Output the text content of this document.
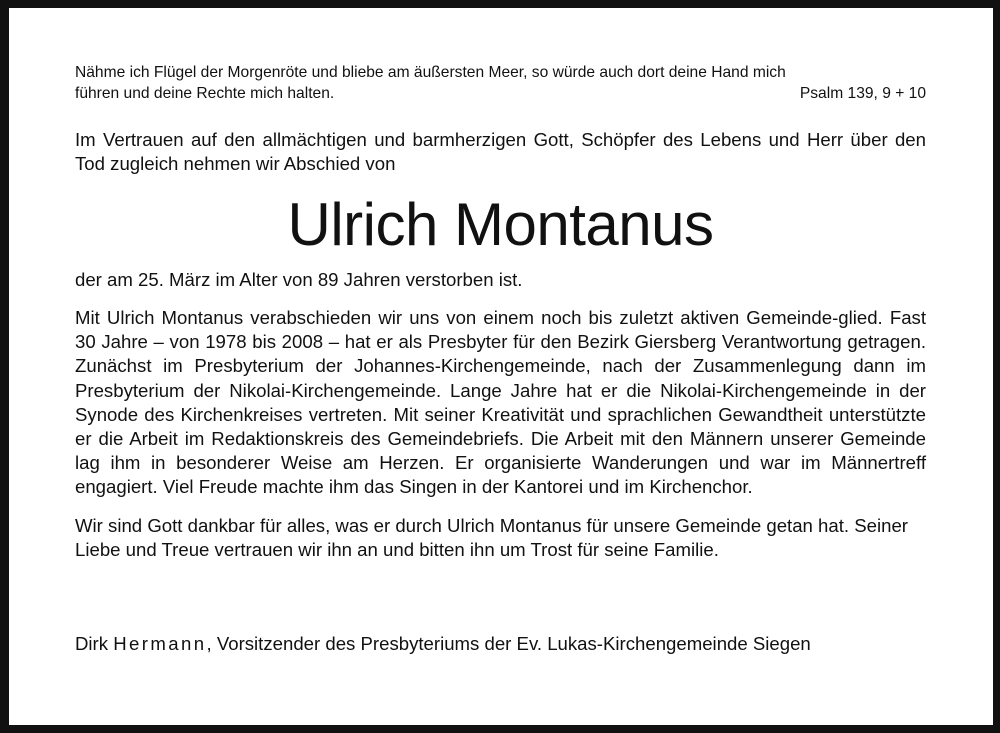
Nähme ich Flügel der Morgenröte und bliebe am äußersten Meer, so würde auch dort deine Hand mich

führen und deine Rechte mich halten.	Psalm 139, 9 + 10
Im Vertrauen auf den allmächtigen und barmherzigen Gott, Schöpfer des Lebens und Herr über den Tod zugleich nehmen wir Abschied von
Ulrich Montanus
der am 25. März im Alter von 89 Jahren verstorben ist.
Mit Ulrich Montanus verabschieden wir uns von einem noch bis zuletzt aktiven Gemeinde-glied. Fast 30 Jahre – von 1978 bis 2008 – hat er als Presbyter für den Bezirk Giersberg Verantwortung getragen. Zunächst im Presbyterium der Johannes-Kirchengemeinde, nach der Zusammenlegung dann im Presbyterium der Nikolai-Kirchengemeinde. Lange Jahre hat er die Nikolai-Kirchengemeinde in der Synode des Kirchenkreises vertreten. Mit seiner Kreativität und sprachlichen Gewandtheit unterstützte er die Arbeit im Redaktionskreis des Gemeindebriefs. Die Arbeit mit den Männern unserer Gemeinde lag ihm in besonderer Weise am Herzen. Er organisierte Wanderungen und war im Männertreff engagiert. Viel Freude machte ihm das Singen in der Kantorei und im Kirchenchor.
Wir sind Gott dankbar für alles, was er durch Ulrich Montanus für unsere Gemeinde getan hat. Seiner Liebe und Treue vertrauen wir ihn an und bitten ihn um Trost für seine Familie.
Dirk Hermann, Vorsitzender des Presbyteriums der Ev. Lukas-Kirchengemeinde Siegen
